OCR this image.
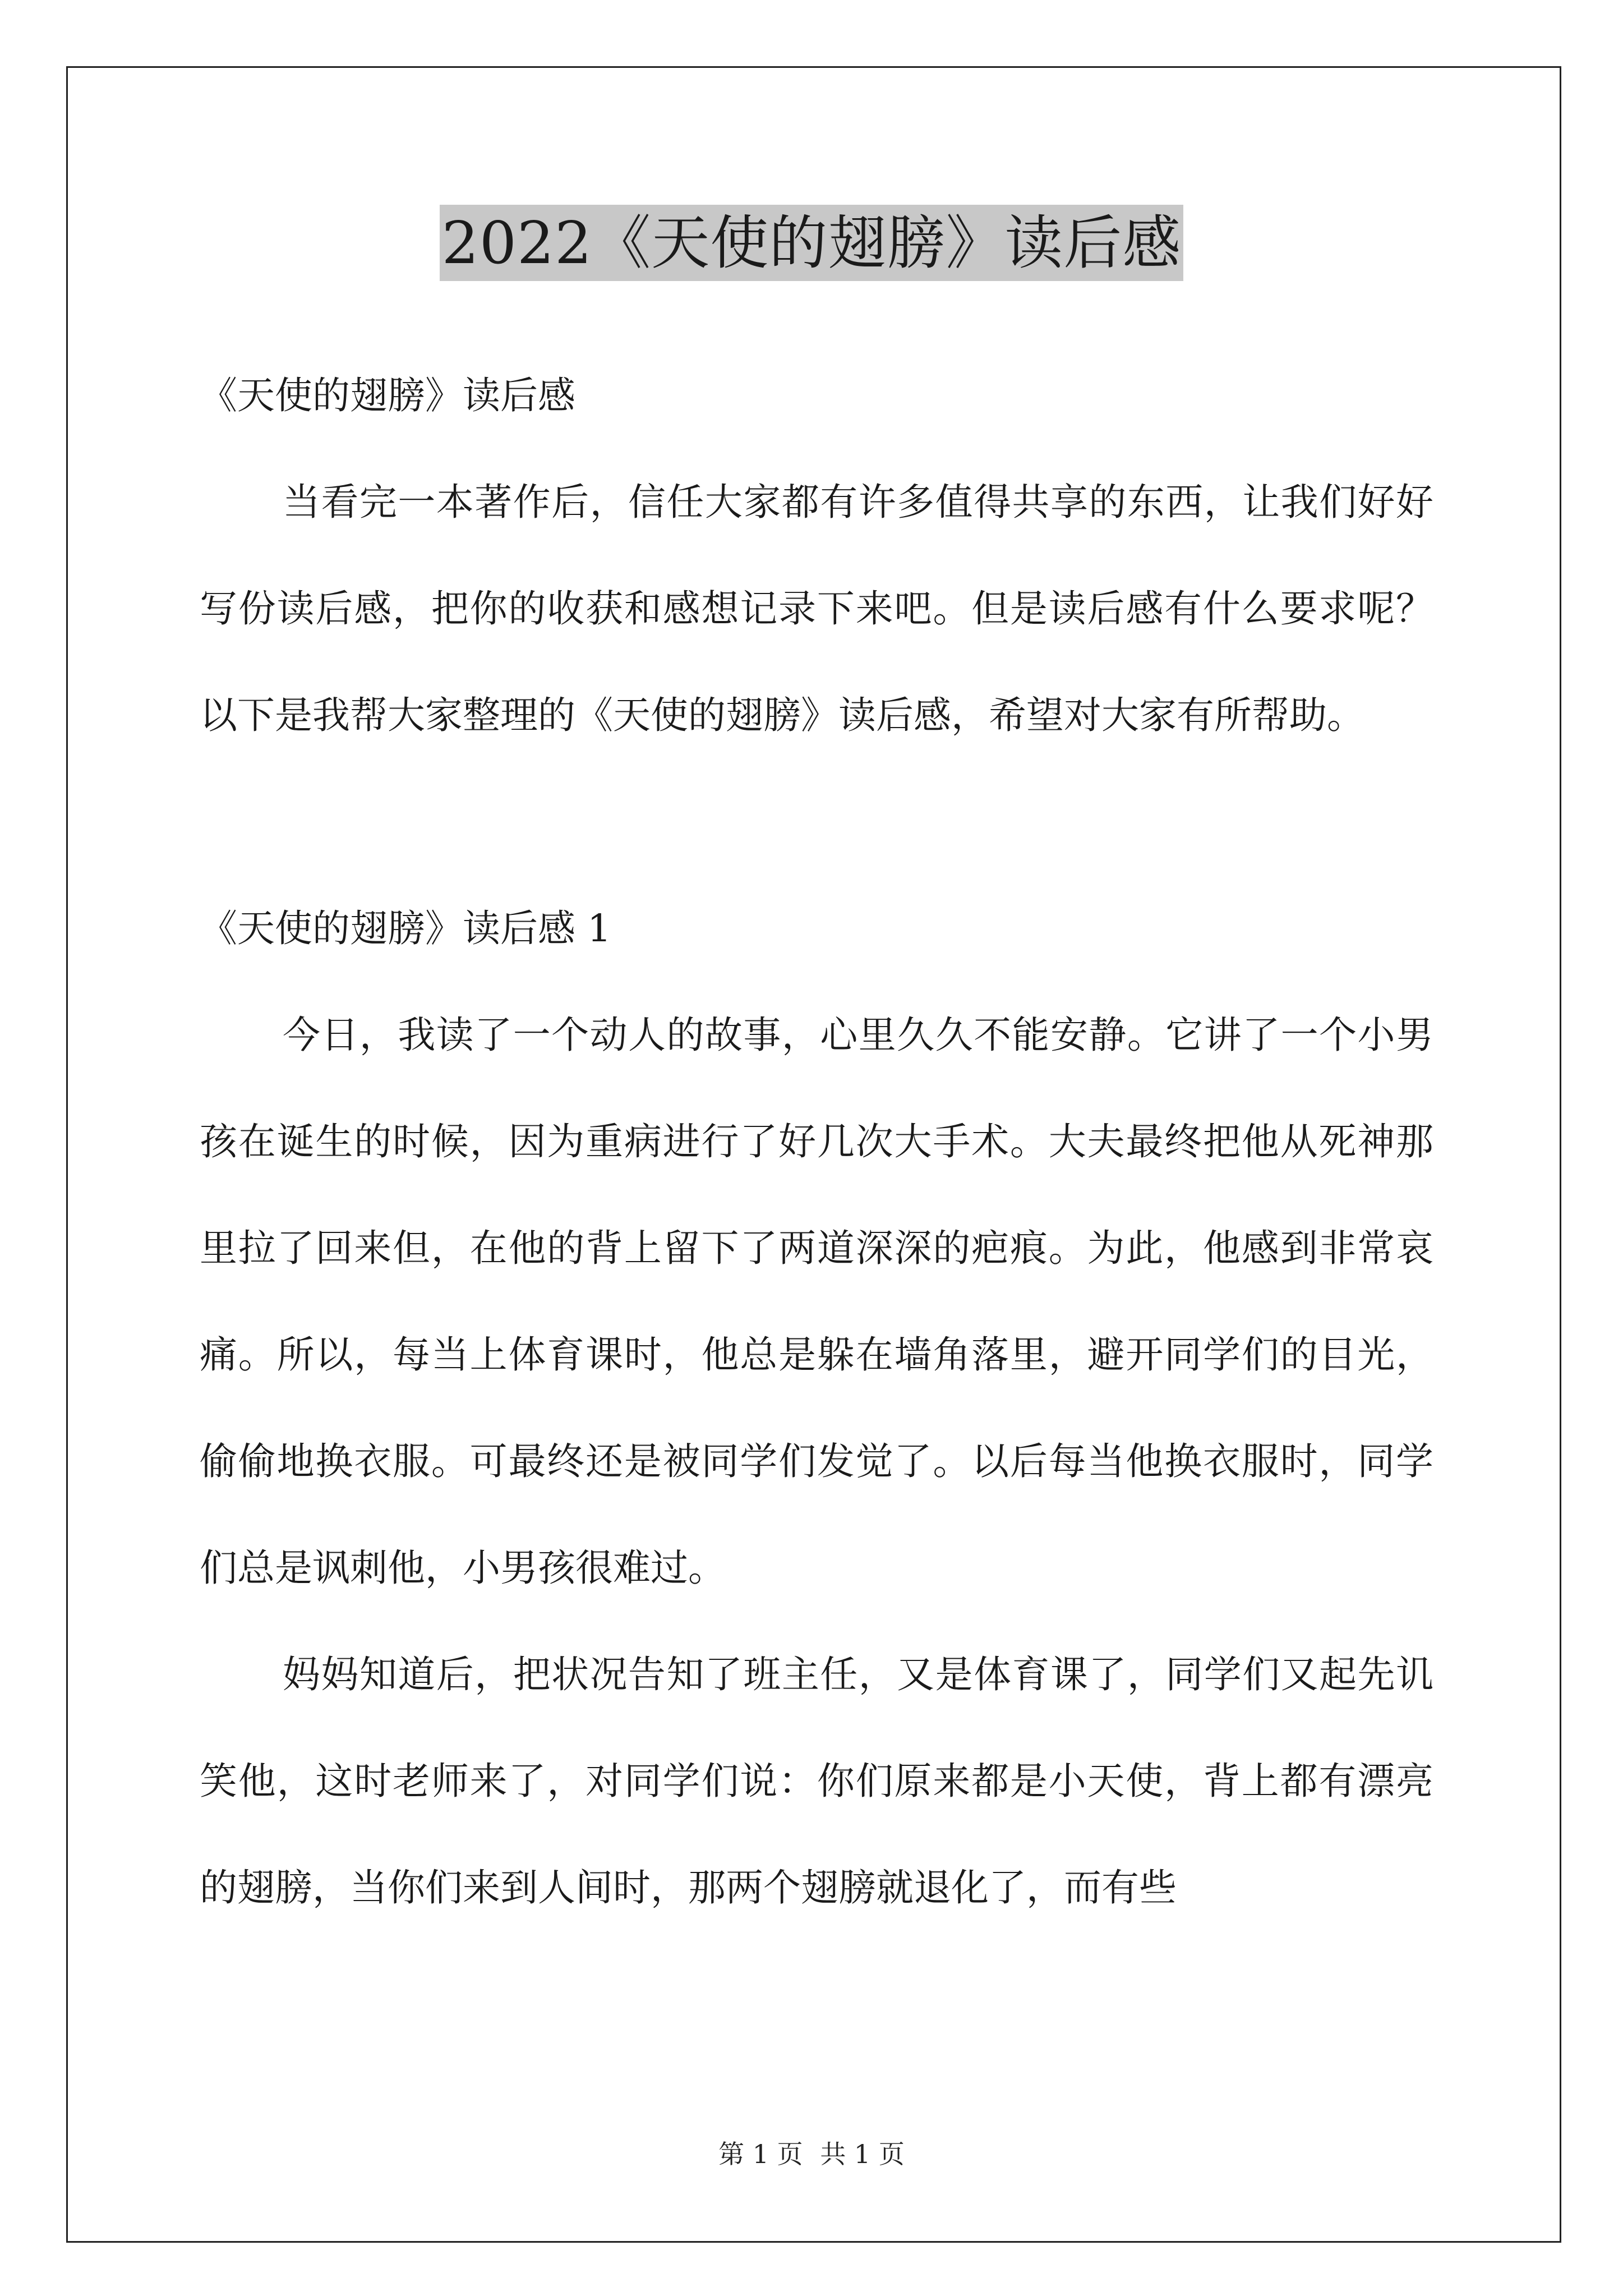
2022《天使的翅膀》读后感

《天使的翅膀》读后感

当看完一本著作后，信任大家都有许多值得共享的东西，让我们好好写份读后感，把你的收获和感想记录下来吧。但是读后感有什么要求呢？以下是我帮大家整理的《天使的翅膀》读后感，希望对大家有所帮助。

《天使的翅膀》读后感 1

今日，我读了一个动人的故事，心里久久不能安静。它讲了一个小男孩在诞生的时候，因为重病进行了好几次大手术。大夫最终把他从死神那里拉了回来但，在他的背上留下了两道深深的疤痕。为此，他感到非常哀痛。所以，每当上体育课时，他总是躲在墙角落里，避开同学们的目光，偷偷地换衣服。可最终还是被同学们发觉了。以后每当他换衣服时，同学们总是讽刺他，小男孩很难过。

妈妈知道后，把状况告知了班主任，又是体育课了，同学们又起先讥笑他，这时老师来了，对同学们说：你们原来都是小天使，背上都有漂亮的翅膀，当你们来到人间时，那两个翅膀就退化了，而有些

第 1 页 共 1 页
